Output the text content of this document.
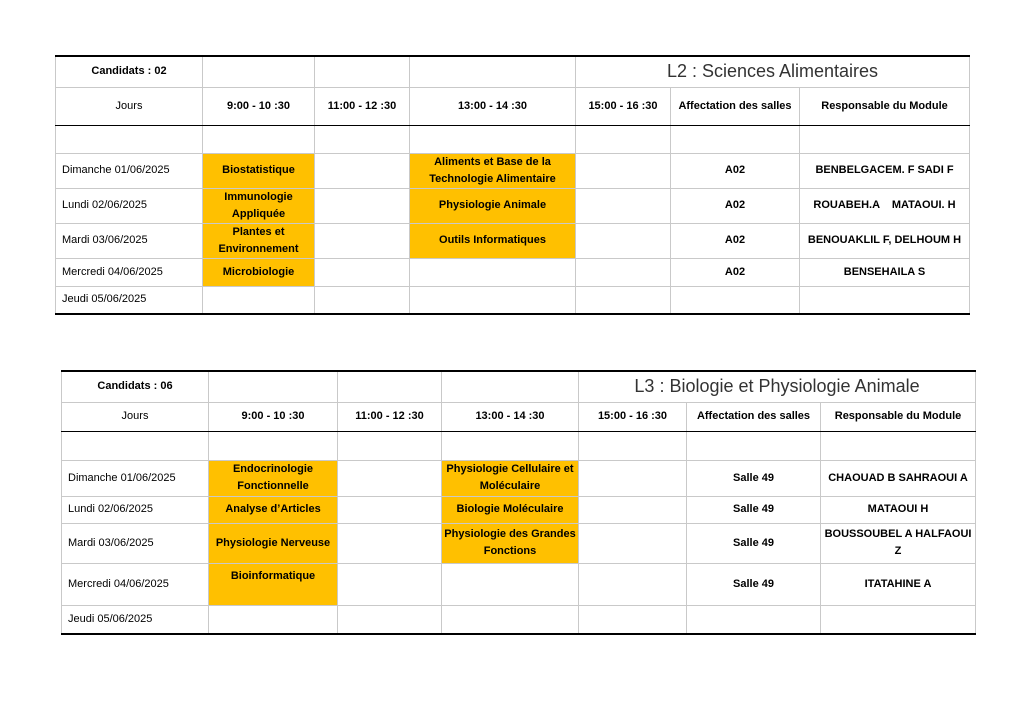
Candidats : 02				L2 : Sciences Alimentaires		
Jours	9:00 - 10 :30	11:00 - 12 :30	13:00 - 14 :30	15:00 - 16 :30	Affectation des salles	Responsable du Module

Dimanche 01/06/2025	Biostatistique		Aliments et Base de la Technologie Alimentaire		A02	BENBELGACEM. F SADI F
Lundi 02/06/2025	Immunologie Appliquée		Physiologie Animale		A02	ROUABEH.A    MATAOUI. H
Mardi 03/06/2025	Plantes et Environnement		Outils Informatiques		A02	BENOUAKLIL F, DELHOUM H
Mercredi 04/06/2025	Microbiologie				A02	BENSEHAILA S
Jeudi 05/06/2025						
Candidats : 06				L3 : Biologie et Physiologie Animale		
Jours	9:00 - 10 :30	11:00 - 12 :30	13:00 - 14 :30	15:00 - 16 :30	Affectation des salles	Responsable du Module

Dimanche 01/06/2025	Endocrinologie Fonctionnelle		Physiologie Cellulaire et Moléculaire		Salle 49	CHAOUAD B SAHRAOUI A
Lundi 02/06/2025	Analyse d’Articles		Biologie Moléculaire		Salle 49	MATAOUI H
Mardi 03/06/2025	Physiologie Nerveuse		Physiologie des Grandes Fonctions		Salle 49	BOUSSOUBEL A HALFAOUI Z
Mercredi 04/06/2025	Bioinformatique				Salle 49	ITATAHINE A
Jeudi 05/06/2025						
